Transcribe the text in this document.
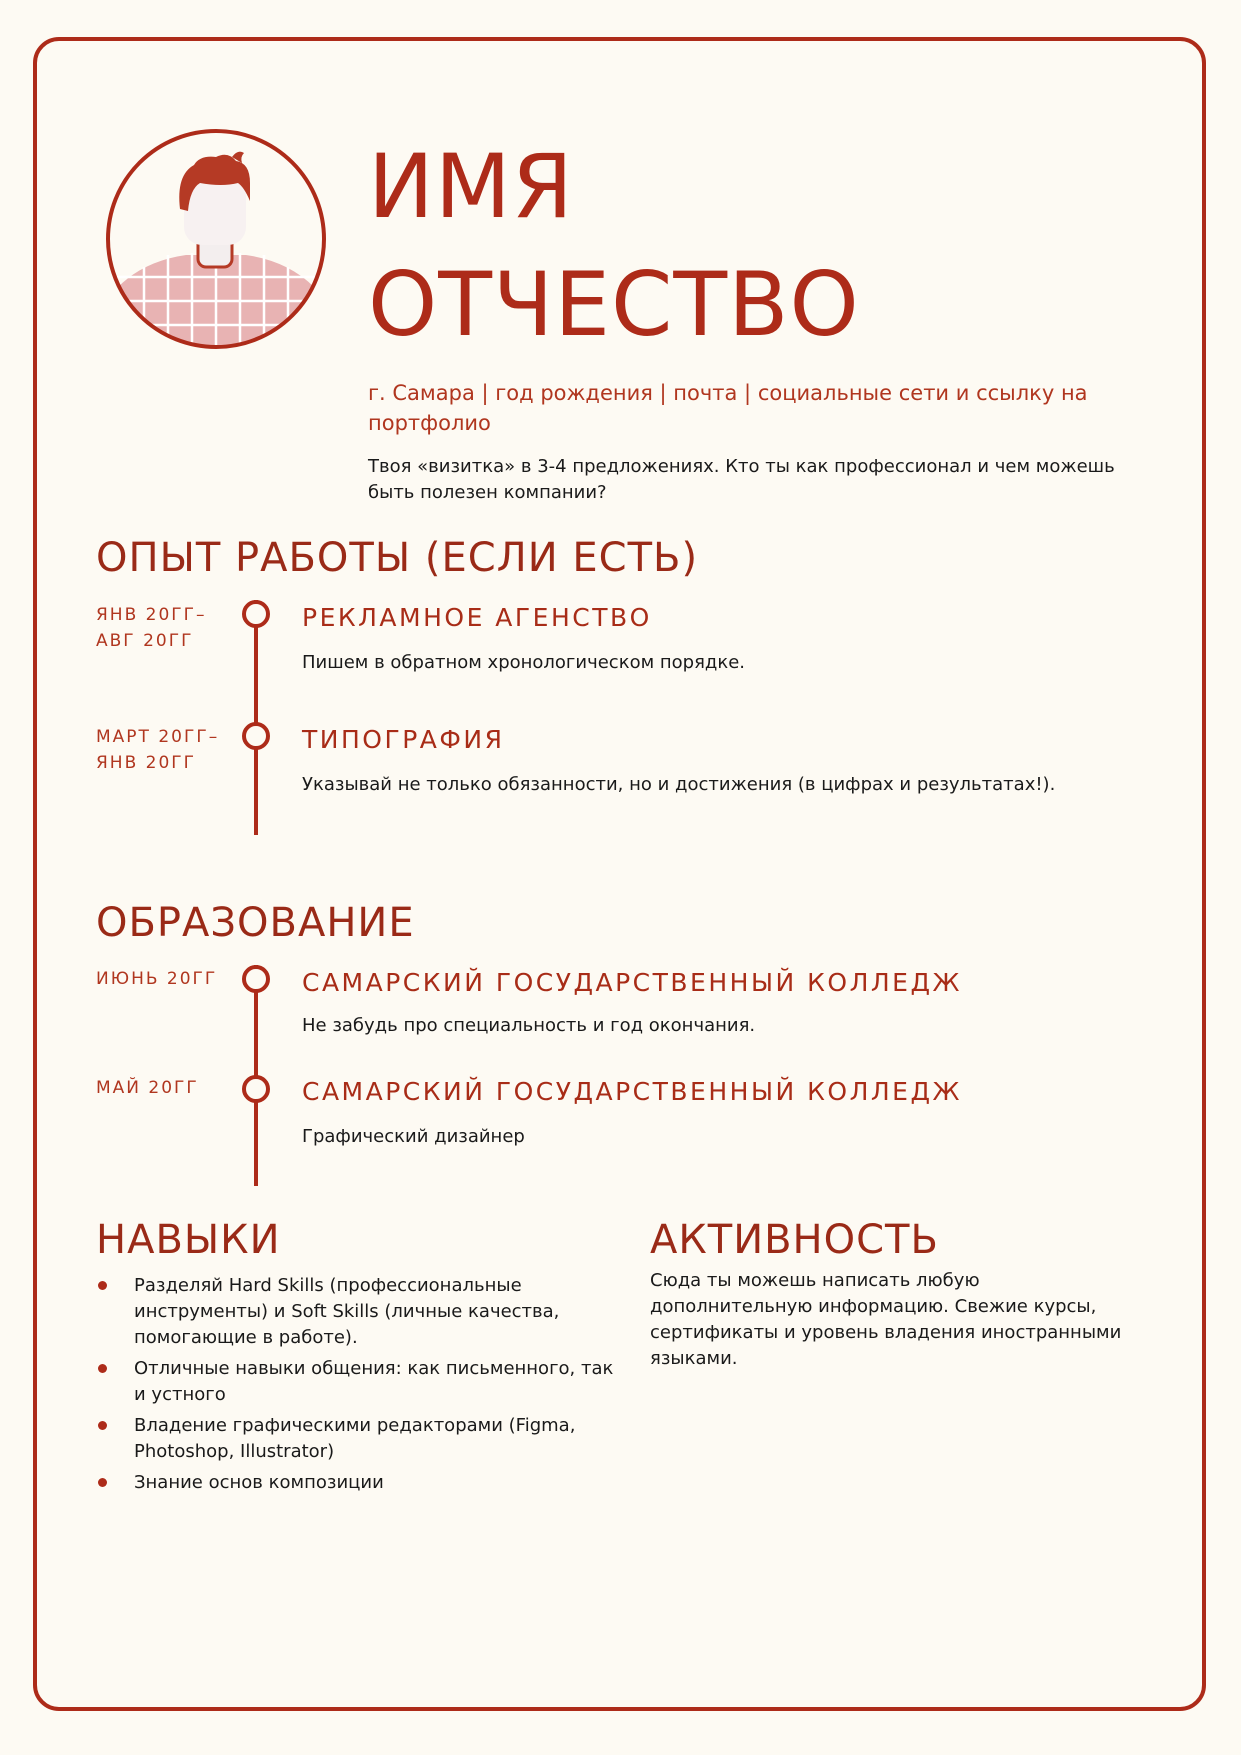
ИМЯ
ОТЧЕСТВО
г. Самара | год рождения | почта | социальные сети и ссылку на портфолио
Твоя «визитка» в 3-4 предложениях. Кто ты как профессионал и чем можешь быть полезен компании?
ОПЫТ РАБОТЫ (ЕСЛИ ЕСТЬ)
ЯНВ 20ГГ–
АВГ 20ГГ
РЕКЛАМНОЕ АГЕНСТВО
Пишем в обратном хронологическом порядке.
МАРТ 20ГГ–
ЯНВ 20ГГ
ТИПОГРАФИЯ
Указывай не только обязанности, но и достижения (в цифрах и результатах!).
ОБРАЗОВАНИЕ
ИЮНЬ 20ГГ	САМАРСКИЙ ГОСУДАРСТВЕННЫЙ КОЛЛЕДЖ
Не забудь про специальность и год окончания.
МАЙ 20ГГ	САМАРСКИЙ ГОСУДАРСТВЕННЫЙ КОЛЛЕДЖ
Графический дизайнер
НАВЫКИ
Разделяй Hard Skills (профессиональные инструменты) и Soft Skills (личные качества, помогающие в работе).
Отличные навыки общения: как письменного, так и устного
Владение графическими редакторами (Figma, Photoshop, Illustrator)
Знание основ композиции
АКТИВНОСТЬ
Сюда ты можешь написать любую дополнительную информацию. Свежие курсы, сертификаты и уровень владения иностранными языками.
